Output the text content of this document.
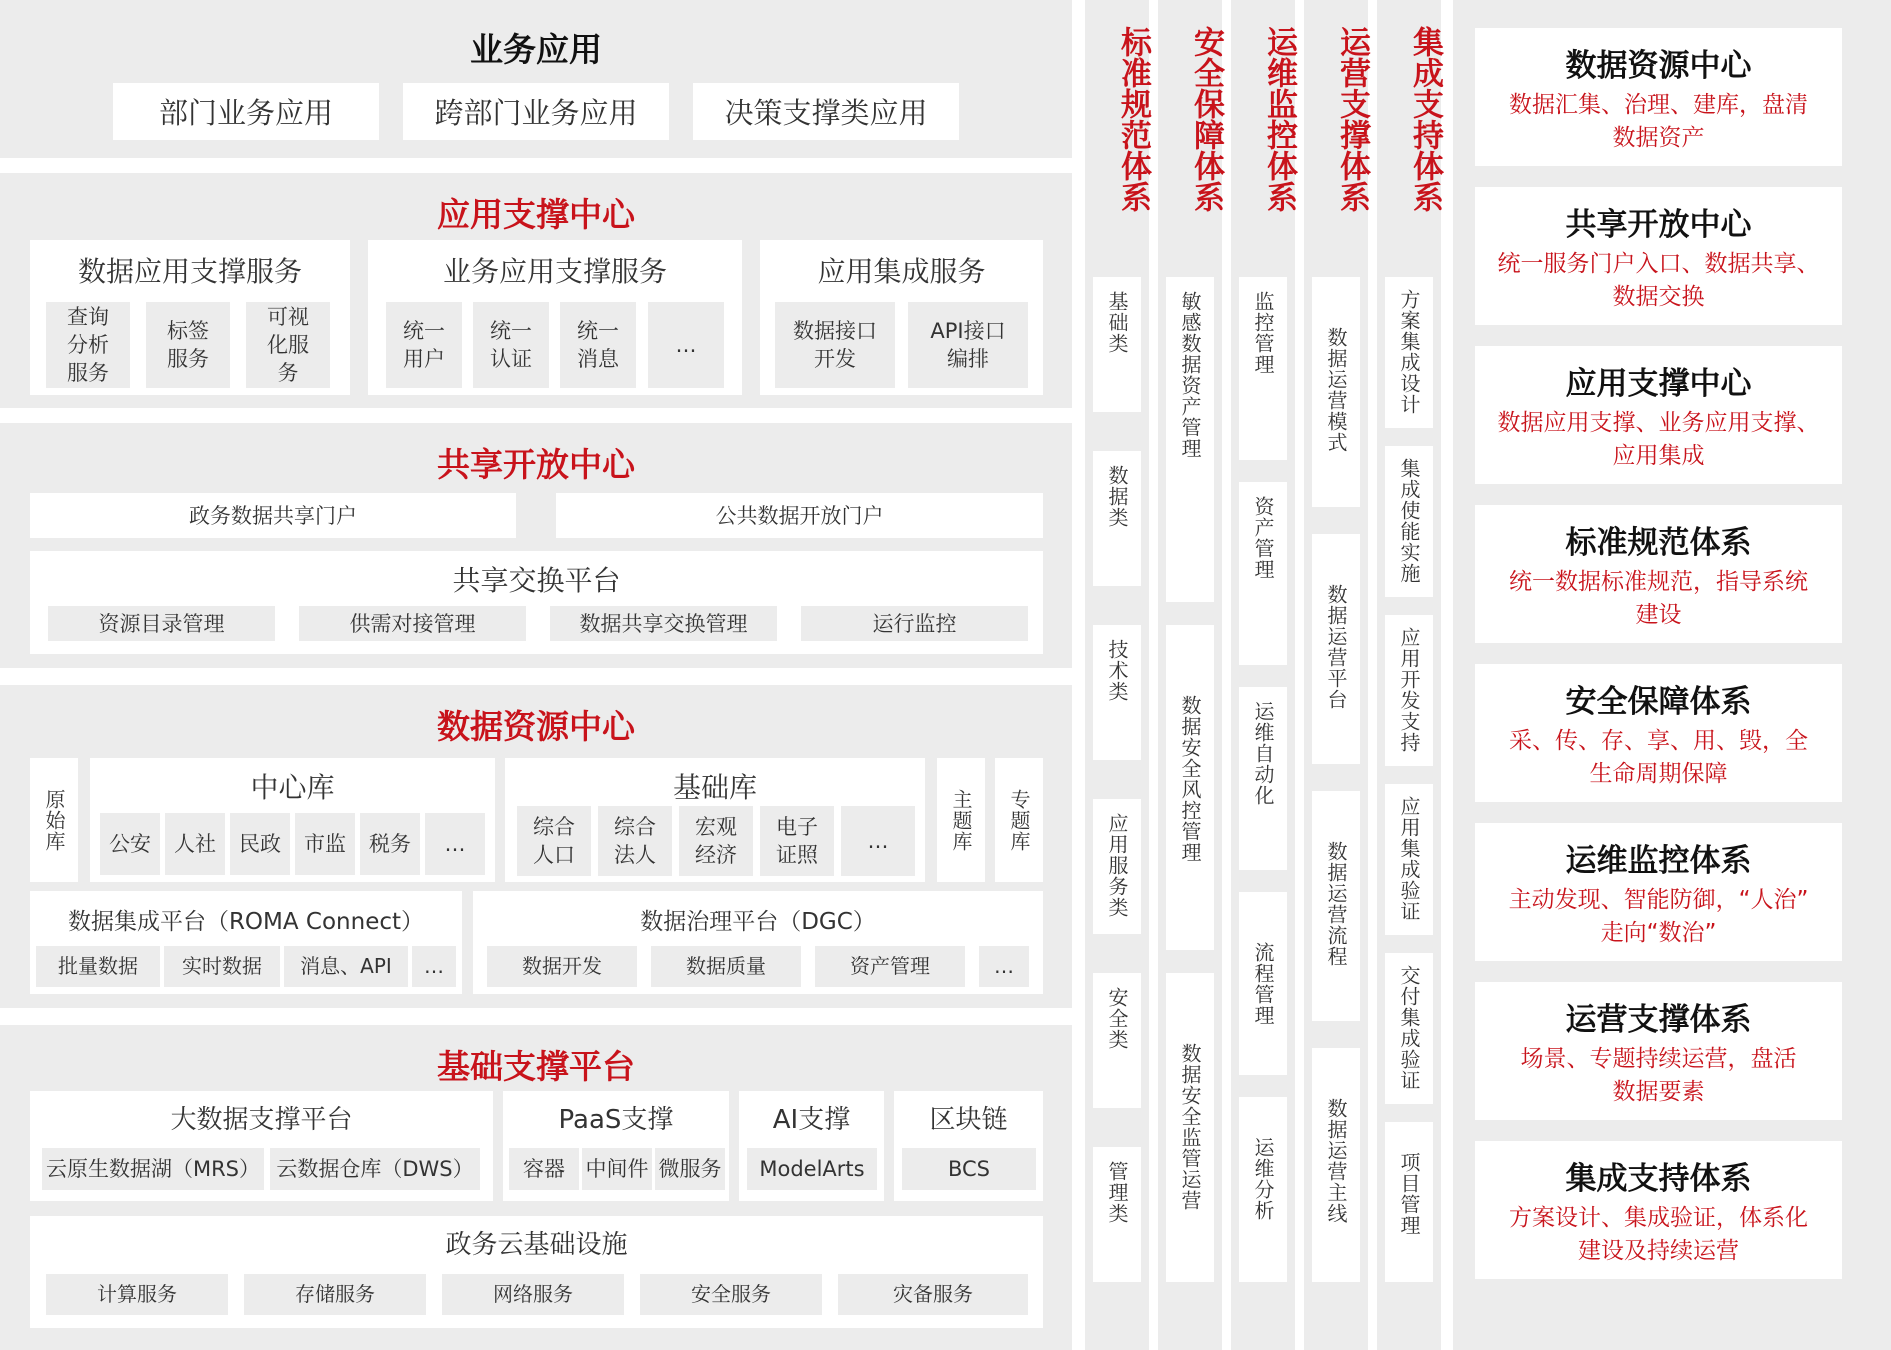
业务应用
部门业务应用	跨部门业务应用	决策支撑类应用
应用支撑中心
数据应用支撑服务
查询分析服务
标签服务
可视化服务
业务应用支撑服务
统一用户
统一认证
统一消息
…
应用集成服务
数据接口开发
API接口编排
共享开放中心
政务数据共享门户	公共数据开放门户
共享交换平台
资源目录管理	供需对接管理	数据共享交换管理	运行监控
数据资源中心
原始库
中心库
公安	人社	民政	市监	税务	…
基础库
综合人口
综合法人
宏观经济
电子证照
…	主题库 专题库
数据集成平台（ROMA Connect）
批量数据	实时数据	消息、API	…
数据治理平台（DGC）
数据开发	数据质量	资产管理	…
基础支撑平台
大数据支撑平台
云原生数据湖（MRS） 云数据仓库（DWS）
PaaS支撑
容器 中间件 微服务
AI支撑
ModelArts
区块链
BCS
政务云基础设施
计算服务	存储服务	网络服务	安全服务	灾备服务
标准规范体系
基础类
数据类
技术类
应用服务类
安全类
管理类
安全保障体系
敏感数据资产管理
数据安全风控管理
数据安全监管运营
运维监控体系
监控管理
资产管理
运维自动化
流程管理
运维分析
运营支撑体系
数据运营模式
数据运营平台
数据运营流程
数据运营主线
集成支持体系
方案集成设计
集成使能实施
应用开发支持
应用集成验证
交付集成验证
项目管理
数据资源中心
数据汇集、治理、建库，盘清
数据资产
共享开放中心
统一服务门户入口、数据共享、
数据交换
应用支撑中心
数据应用支撑、业务应用支撑、
应用集成
标准规范体系
统一数据标准规范，指导系统
建设
安全保障体系
采、传、存、享、用、毁，全
生命周期保障
运维监控体系
主动发现、智能防御，“人治”
走向“数治”
运营支撑体系
场景、专题持续运营，盘活
数据要素
集成支持体系
方案设计、集成验证，体系化
建设及持续运营
